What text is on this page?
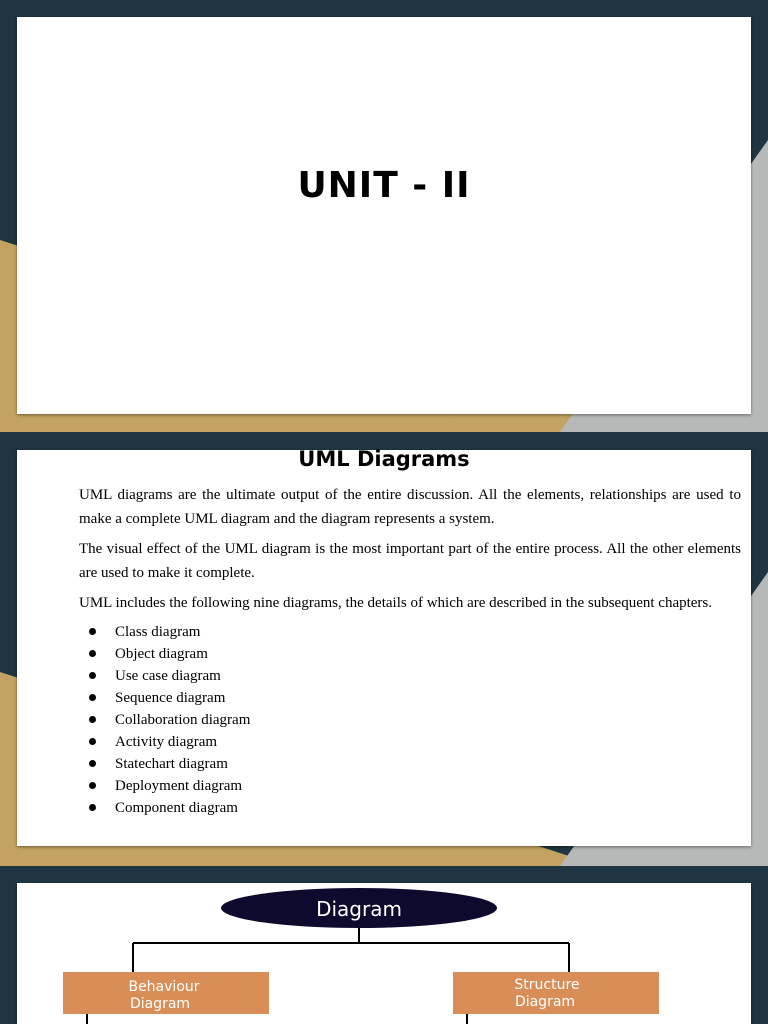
UNIT - II
UML Diagrams

UML diagrams are the ultimate output of the entire discussion. All the elements, relationships are used to make a complete UML diagram and the diagram represents a system.

The visual effect of the UML diagram is the most important part of the entire process. All the other elements are used to make it complete.

UML includes the following nine diagrams, the details of which are described in the subsequent chapters.

Class diagram
Object diagram
Use case diagram
Sequence diagram
Collaboration diagram
Activity diagram
Statechart diagram
Deployment diagram
Component diagram
Diagram
Behaviour
Diagram
Structure
Diagram
